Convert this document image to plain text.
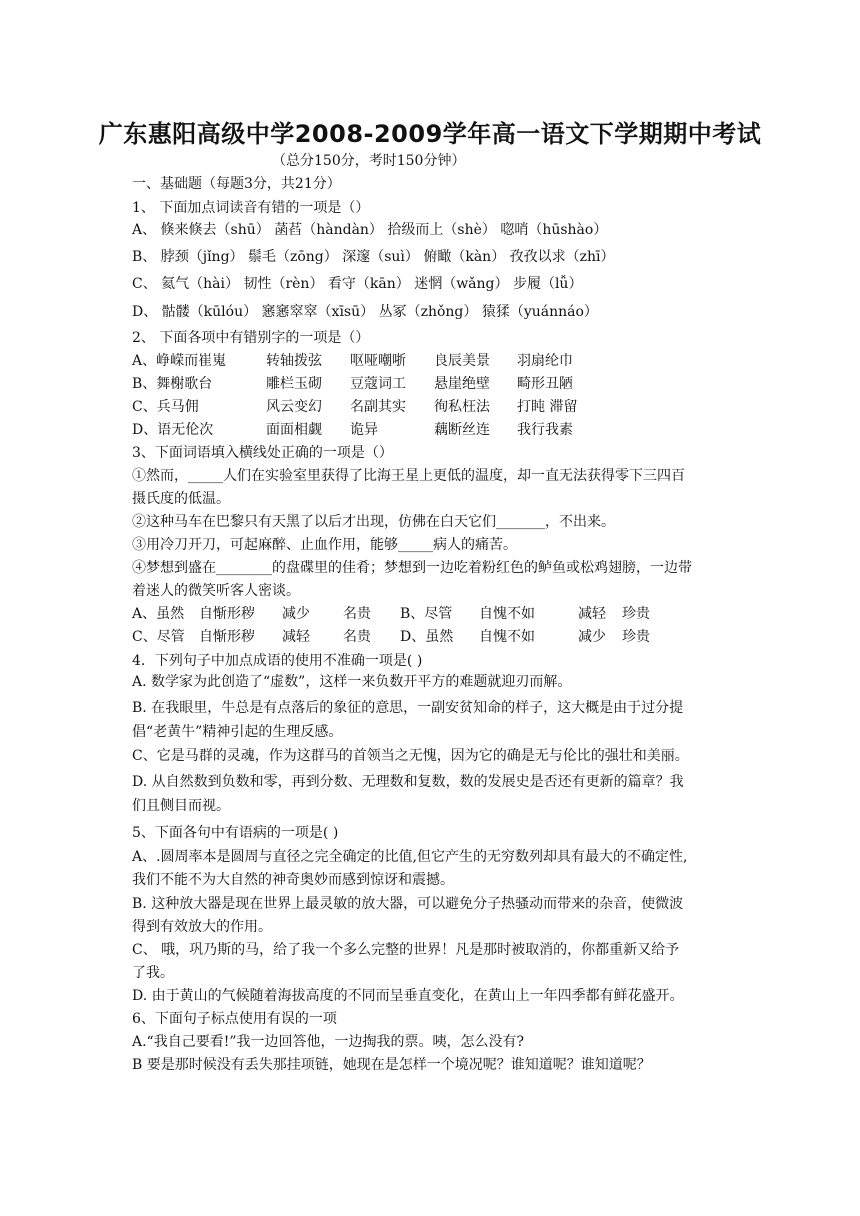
广东惠阳高级中学2008-2009学年高一语文下学期期中考试
（总分150分，考时150分钟）
一、基础题（每题3分，共21分）
1、 下面加点词读音有错的一项是（）
A、 倏来倏去（shū） 菡萏（hàndàn） 拾级而上（shè） 唿哨（hūshào）
B、 脖颈（jǐng） 鬃毛（zōng） 深邃（suì） 俯瞰（kàn） 孜孜以求（zhī）
C、 氦气（hài） 韧性（rèn） 看守（kān） 迷惘（wǎng） 步履（lǚ）
D、 骷髅（kūlóu） 窸窸窣窣（xīsū） 丛冢（zhǒng） 猿猱（yuánnáo）
2、 下面各项中有错别字的一项是（）
A、峥嵘而崔嵬	转轴拨弦 呕哑嘲哳 良辰美景 羽扇纶巾
B、舞榭歌台	雕栏玉砌 豆蔻词工 悬崖绝壁 畸形丑陋
C、兵马佣	风云变幻 名副其实 徇私枉法 打盹 滞留
D、语无伦次	面面相觑 诡异	藕断丝连 我行我素
3、下面词语填入横线处正确的一项是（）
①然而，_____人们在实验室里获得了比海王星上更低的温度，却一直无法获得零下三四百
摄氏度的低温。
②这种马车在巴黎只有天黑了以后才出现，仿佛在白天它们_______，不出来。
③用冷刀开刀，可起麻醉、止血作用，能够_____病人的痛苦。
④梦想到盛在________的盘碟里的佳肴；梦想到一边吃着粉红色的鲈鱼或松鸡翅膀，一边带
着迷人的微笑听客人密谈。
A、虽然 自惭形秽 减少 名贵 B、尽管 自愧不如	减轻 珍贵
C、尽管 自惭形秽 减轻 名贵 D、虽然 自愧不如	减少 珍贵
4．下列句子中加点成语的使用不准确一项是( )
A. 数学家为此创造了“虚数”，这样一来负数开平方的难题就迎刃而解。
B. 在我眼里，牛总是有点落后的象征的意思，一副安贫知命的样子，这大概是由于过分提
倡“老黄牛”精神引起的生理反感。
C、它是马群的灵魂，作为这群马的首领当之无愧，因为它的确是无与伦比的强壮和美丽。
D. 从自然数到负数和零，再到分数、无理数和复数，数的发展史是否还有更新的篇章？我
们且侧目而视。
5、下面各句中有语病的一项是( )
A、.圆周率本是圆周与直径之完全确定的比值,但它产生的无穷数列却具有最大的不确定性,
我们不能不为大自然的神奇奥妙而感到惊讶和震撼。
B. 这种放大器是现在世界上最灵敏的放大器，可以避免分子热骚动而带来的杂音，使微波
得到有效放大的作用。
C、 哦，巩乃斯的马，给了我一个多么完整的世界！凡是那时被取消的，你都重新又给予
了我。
D. 由于黄山的气候随着海拔高度的不同而呈垂直变化，在黄山上一年四季都有鲜花盛开。
6、下面句子标点使用有误的一项
A.“我自己要看!”我一边回答他，一边掏我的票。咦，怎么没有?
B 要是那时候没有丢失那挂项链，她现在是怎样一个境况呢？谁知道呢？谁知道呢？
